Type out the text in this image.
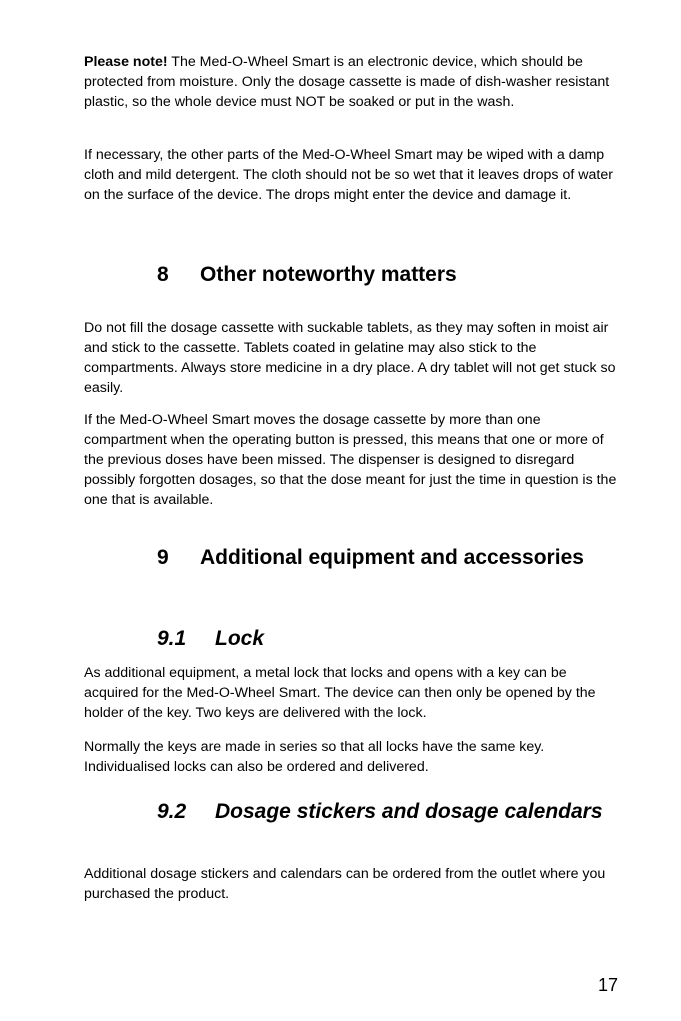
Please note! The Med-O-Wheel Smart is an electronic device, which should be protected from moisture. Only the dosage cassette is made of dish-washer resistant plastic, so the whole device must NOT be soaked or put in the wash.

If necessary, the other parts of the Med-O-Wheel Smart may be wiped with a damp cloth and mild detergent. The cloth should not be so wet that it leaves drops of water on the surface of the device. The drops might enter the device and damage it.

8	Other noteworthy matters

Do not fill the dosage cassette with suckable tablets, as they may soften in moist air and stick to the cassette. Tablets coated in gelatine may also stick to the compartments. Always store medicine in a dry place. A dry tablet will not get stuck so easily.

If the Med-O-Wheel Smart moves the dosage cassette by more than one compartment when the operating button is pressed, this means that one or more of the previous doses have been missed. The dispenser is designed to disregard possibly forgotten dosages, so that the dose meant for just the time in question is the one that is available.

9	Additional equipment and accessories
9.1	Lock

As additional equipment, a metal lock that locks and opens with a key can be acquired for the Med-O-Wheel Smart. The device can then only be opened by the holder of the key. Two keys are delivered with the lock.

Normally the keys are made in series so that all locks have the same key. Individualised locks can also be ordered and delivered.

9.2	Dosage stickers and dosage calendars

Additional dosage stickers and calendars can be ordered from the outlet where you purchased the product.

17
